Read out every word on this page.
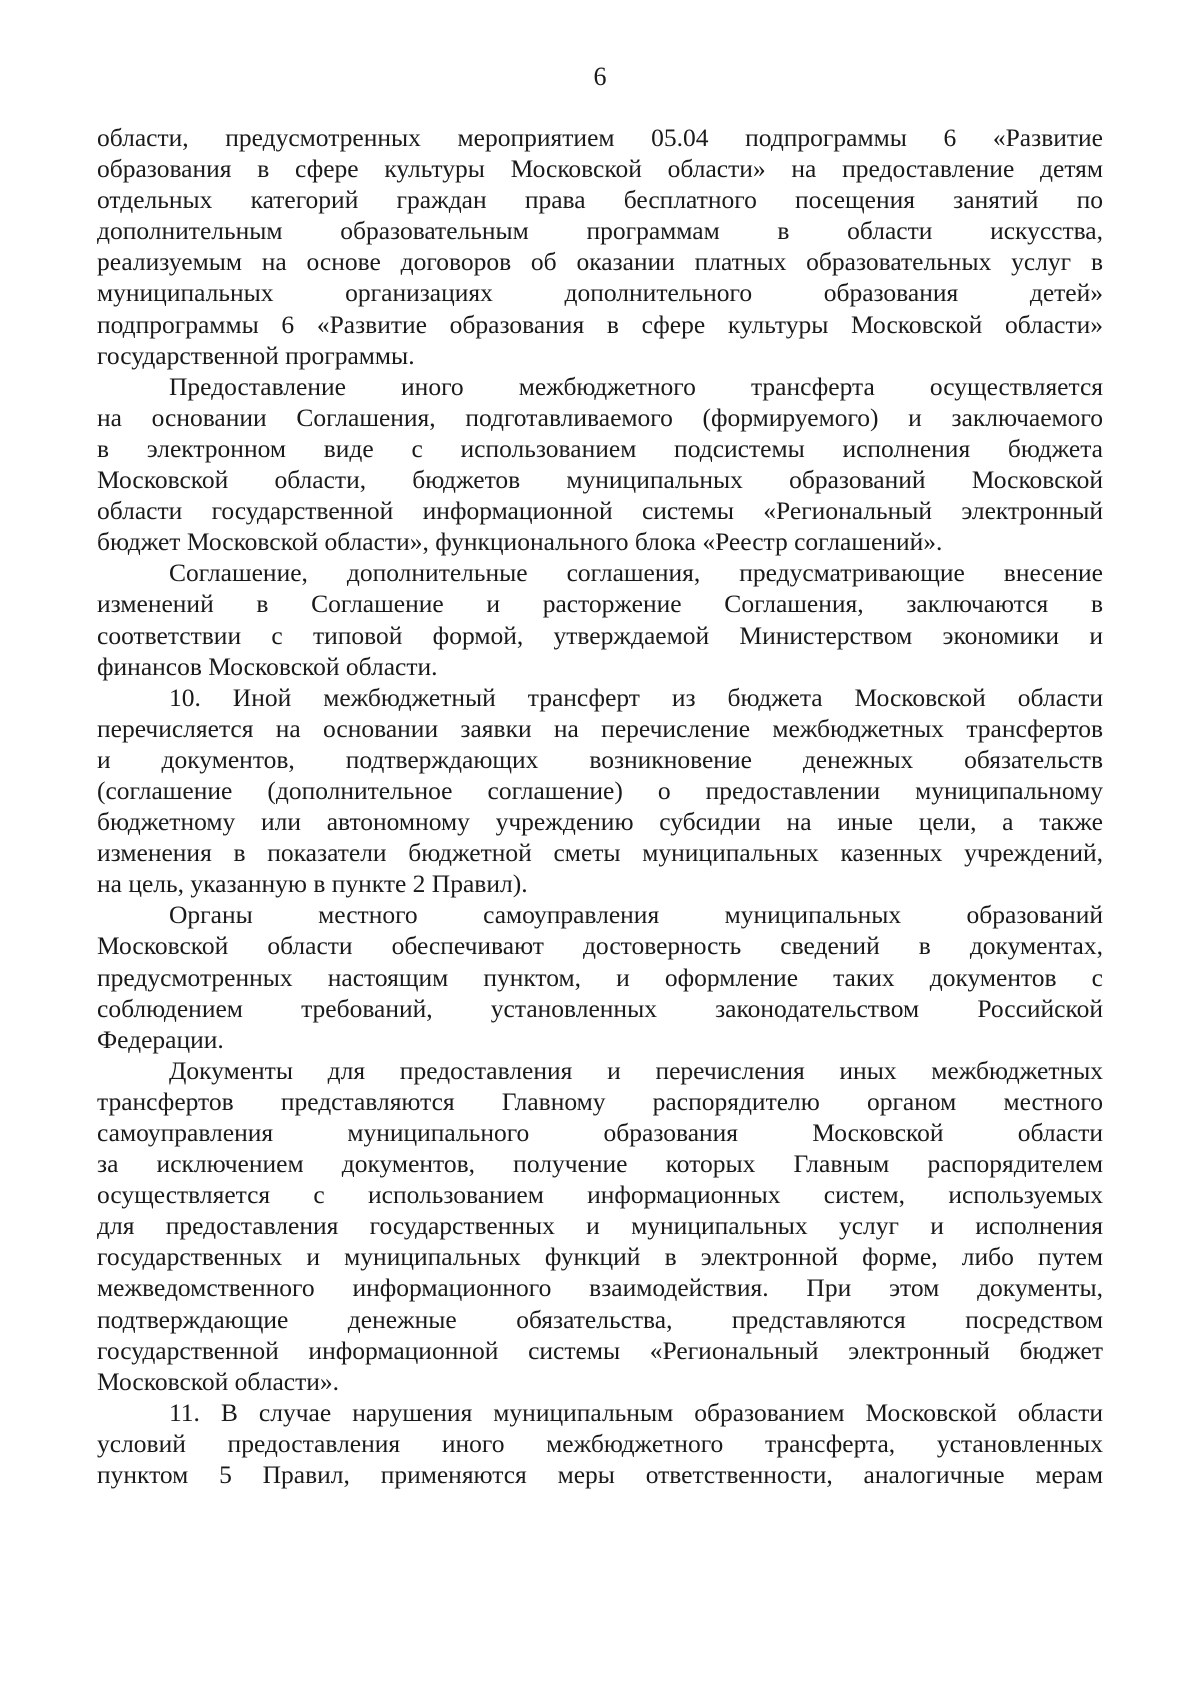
6
области, предусмотренных мероприятием 05.04 подпрограммы 6 «Развитие
образования в сфере культуры Московской области» на предоставление детям
отдельных категорий граждан права бесплатного посещения занятий по
дополнительным образовательным программам в области искусства,
реализуемым на основе договоров об оказании платных образовательных услуг в
муниципальных организациях дополнительного образования детей»
подпрограммы 6 «Развитие образования в сфере культуры Московской области»
государственной программы.
Предоставление иного межбюджетного трансферта осуществляется
на основании Соглашения, подготавливаемого (формируемого) и заключаемого
в электронном виде с использованием подсистемы исполнения бюджета
Московской области, бюджетов муниципальных образований Московской
области государственной информационной системы «Региональный электронный
бюджет Московской области», функционального блока «Реестр соглашений».
Соглашение, дополнительные соглашения, предусматривающие внесение
изменений в Соглашение и расторжение Соглашения, заключаются в
соответствии с типовой формой, утверждаемой Министерством экономики и
финансов Московской области.
10. Иной межбюджетный трансферт из бюджета Московской области
перечисляется на основании заявки на перечисление межбюджетных трансфертов
и документов, подтверждающих возникновение денежных обязательств
(соглашение (дополнительное соглашение) о предоставлении муниципальному
бюджетному или автономному учреждению субсидии на иные цели, а также
изменения в показатели бюджетной сметы муниципальных казенных учреждений,
на цель, указанную в пункте 2 Правил).
Органы местного самоуправления муниципальных образований
Московской области обеспечивают достоверность сведений в документах,
предусмотренных настоящим пунктом, и оформление таких документов с
соблюдением требований, установленных законодательством Российской
Федерации.
Документы для предоставления и перечисления иных межбюджетных
трансфертов представляются Главному распорядителю органом местного
самоуправления муниципального образования Московской области
за исключением документов, получение которых Главным распорядителем
осуществляется с использованием информационных систем, используемых
для предоставления государственных и муниципальных услуг и исполнения
государственных и муниципальных функций в электронной форме, либо путем
межведомственного информационного взаимодействия. При этом документы,
подтверждающие денежные обязательства, представляются посредством
государственной информационной системы «Региональный электронный бюджет
Московской области».
11. В случае нарушения муниципальным образованием Московской области
условий предоставления иного межбюджетного трансферта, установленных
пунктом 5 Правил, применяются меры ответственности, аналогичные мерам
